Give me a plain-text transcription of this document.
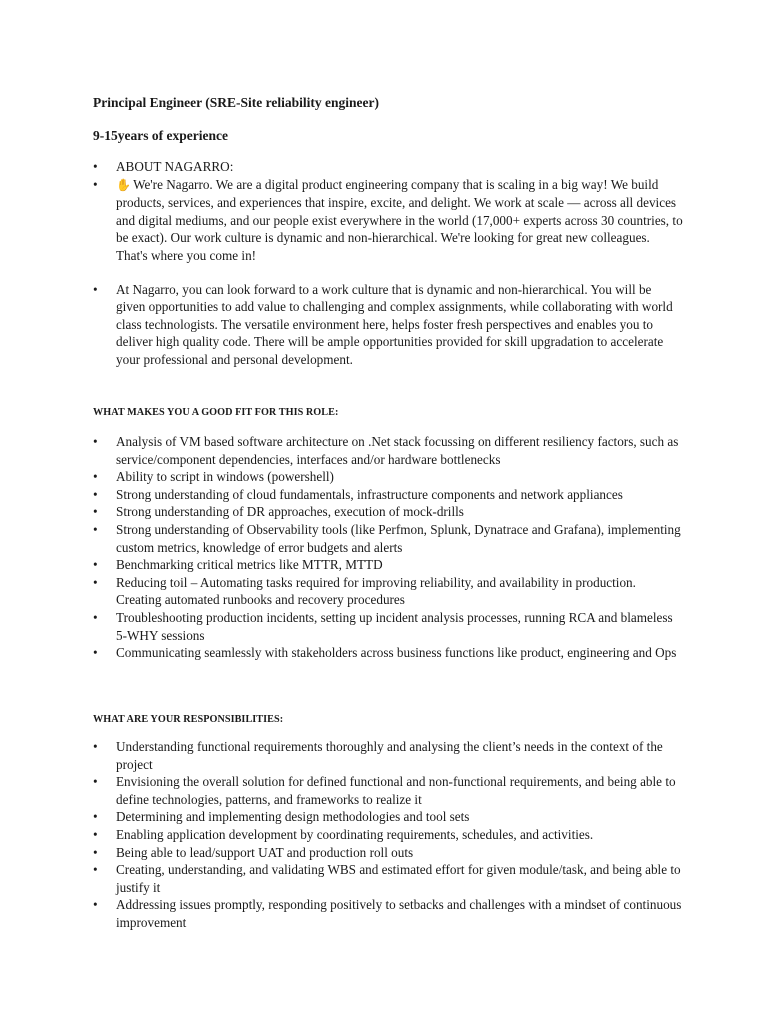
Principal Engineer (SRE-Site reliability engineer)

9-15years of experience

• ABOUT NAGARRO:
• ✋ We're Nagarro. We are a digital product engineering company that is scaling in a big way! We build products, services, and experiences that inspire, excite, and delight. We work at scale — across all devices and digital mediums, and our people exist everywhere in the world (17,000+ experts across 30 countries, to be exact). Our work culture is dynamic and non-hierarchical. We're looking for great new colleagues. That's where you come in!
• At Nagarro, you can look forward to a work culture that is dynamic and non-hierarchical. You will be given opportunities to add value to challenging and complex assignments, while collaborating with world class technologists. The versatile environment here, helps foster fresh perspectives and enables you to deliver high quality code. There will be ample opportunities provided for skill upgradation to accelerate your professional and personal development.

WHAT MAKES YOU A GOOD FIT FOR THIS ROLE:

• Analysis of VM based software architecture on .Net stack focussing on different resiliency factors, such as service/component dependencies, interfaces and/or hardware bottlenecks
• Ability to script in windows (powershell)
• Strong understanding of cloud fundamentals, infrastructure components and network appliances
• Strong understanding of DR approaches, execution of mock-drills
• Strong understanding of Observability tools (like Perfmon, Splunk, Dynatrace and Grafana), implementing custom metrics, knowledge of error budgets and alerts
• Benchmarking critical metrics like MTTR, MTTD
• Reducing toil – Automating tasks required for improving reliability, and availability in production. Creating automated runbooks and recovery procedures
• Troubleshooting production incidents, setting up incident analysis processes, running RCA and blameless 5-WHY sessions
• Communicating seamlessly with stakeholders across business functions like product, engineering and Ops

WHAT ARE YOUR RESPONSIBILITIES:

• Understanding functional requirements thoroughly and analysing the client’s needs in the context of the project
• Envisioning the overall solution for defined functional and non-functional requirements, and being able to define technologies, patterns, and frameworks to realize it
• Determining and implementing design methodologies and tool sets
• Enabling application development by coordinating requirements, schedules, and activities.
• Being able to lead/support UAT and production roll outs
• Creating, understanding, and validating WBS and estimated effort for given module/task, and being able to justify it
• Addressing issues promptly, responding positively to setbacks and challenges with a mindset of continuous improvement
